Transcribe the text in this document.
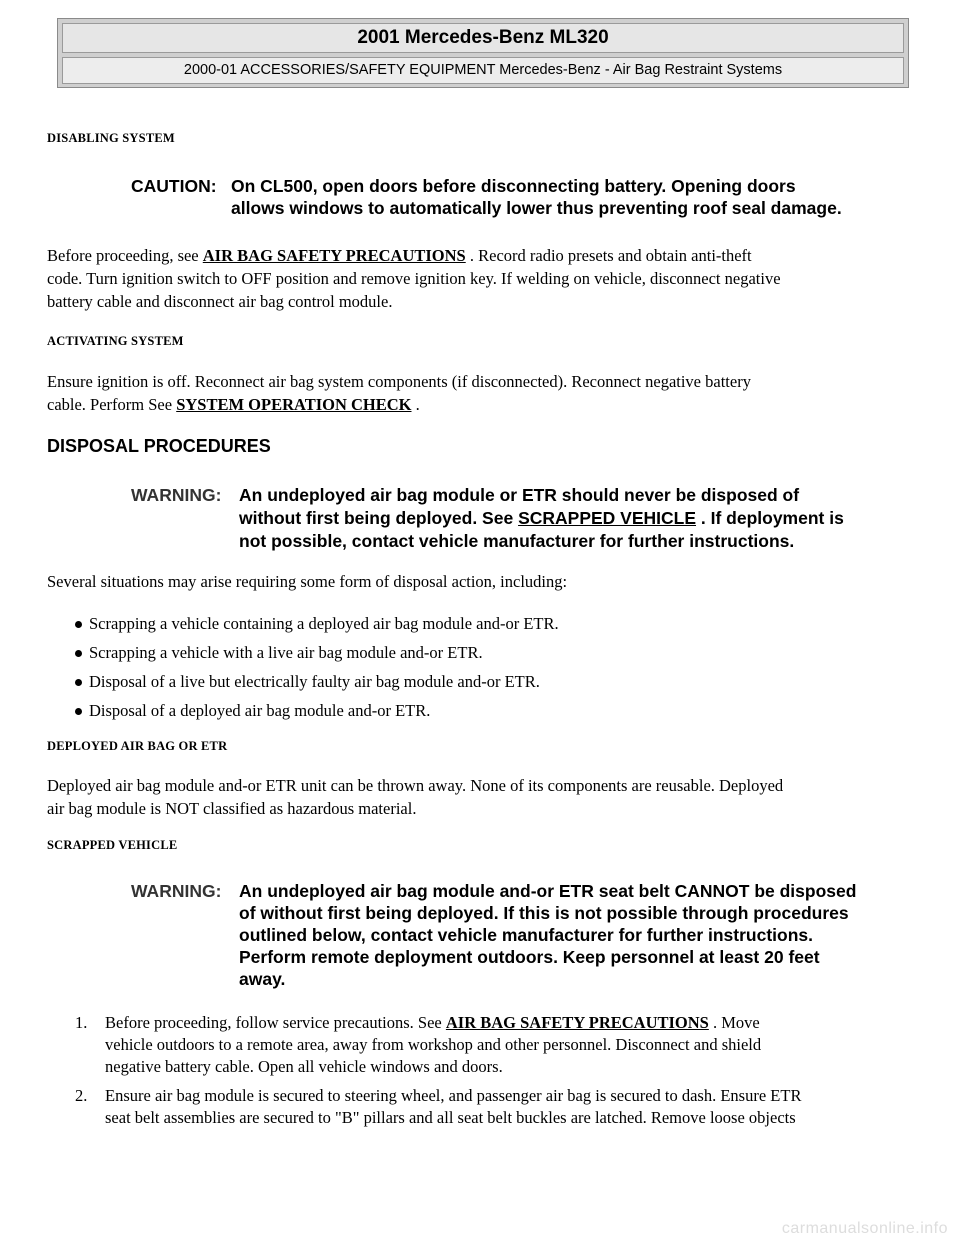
2001 Mercedes-Benz ML320
2000-01 ACCESSORIES/SAFETY EQUIPMENT Mercedes-Benz - Air Bag Restraint Systems
DISABLING SYSTEM
CAUTION: On CL500, open doors before disconnecting battery. Opening doors
allows windows to automatically lower thus preventing roof seal damage.
Before proceeding, see AIR BAG SAFETY PRECAUTIONS . Record radio presets and obtain anti-theft
code. Turn ignition switch to OFF position and remove ignition key. If welding on vehicle, disconnect negative
battery cable and disconnect air bag control module.
ACTIVATING SYSTEM
Ensure ignition is off. Reconnect air bag system components (if disconnected). Reconnect negative battery
cable. Perform See SYSTEM OPERATION CHECK .
DISPOSAL PROCEDURES
WARNING: An undeployed air bag module or ETR should never be disposed of
without first being deployed. See SCRAPPED VEHICLE . If deployment is
not possible, contact vehicle manufacturer for further instructions.
Several situations may arise requiring some form of disposal action, including:
Scrapping a vehicle containing a deployed air bag module and-or ETR.
Scrapping a vehicle with a live air bag module and-or ETR.
Disposal of a live but electrically faulty air bag module and-or ETR.
Disposal of a deployed air bag module and-or ETR.
DEPLOYED AIR BAG OR ETR
Deployed air bag module and-or ETR unit can be thrown away. None of its components are reusable. Deployed
air bag module is NOT classified as hazardous material.
SCRAPPED VEHICLE
WARNING: An undeployed air bag module and-or ETR seat belt CANNOT be disposed
of without first being deployed. If this is not possible through procedures
outlined below, contact vehicle manufacturer for further instructions.
Perform remote deployment outdoors. Keep personnel at least 20 feet
away.
1. Before proceeding, follow service precautions. See AIR BAG SAFETY PRECAUTIONS . Move
vehicle outdoors to a remote area, away from workshop and other personnel. Disconnect and shield
negative battery cable. Open all vehicle windows and doors.
2. Ensure air bag module is secured to steering wheel, and passenger air bag is secured to dash. Ensure ETR
seat belt assemblies are secured to "B" pillars and all seat belt buckles are latched. Remove loose objects
carmanualsonline.info
